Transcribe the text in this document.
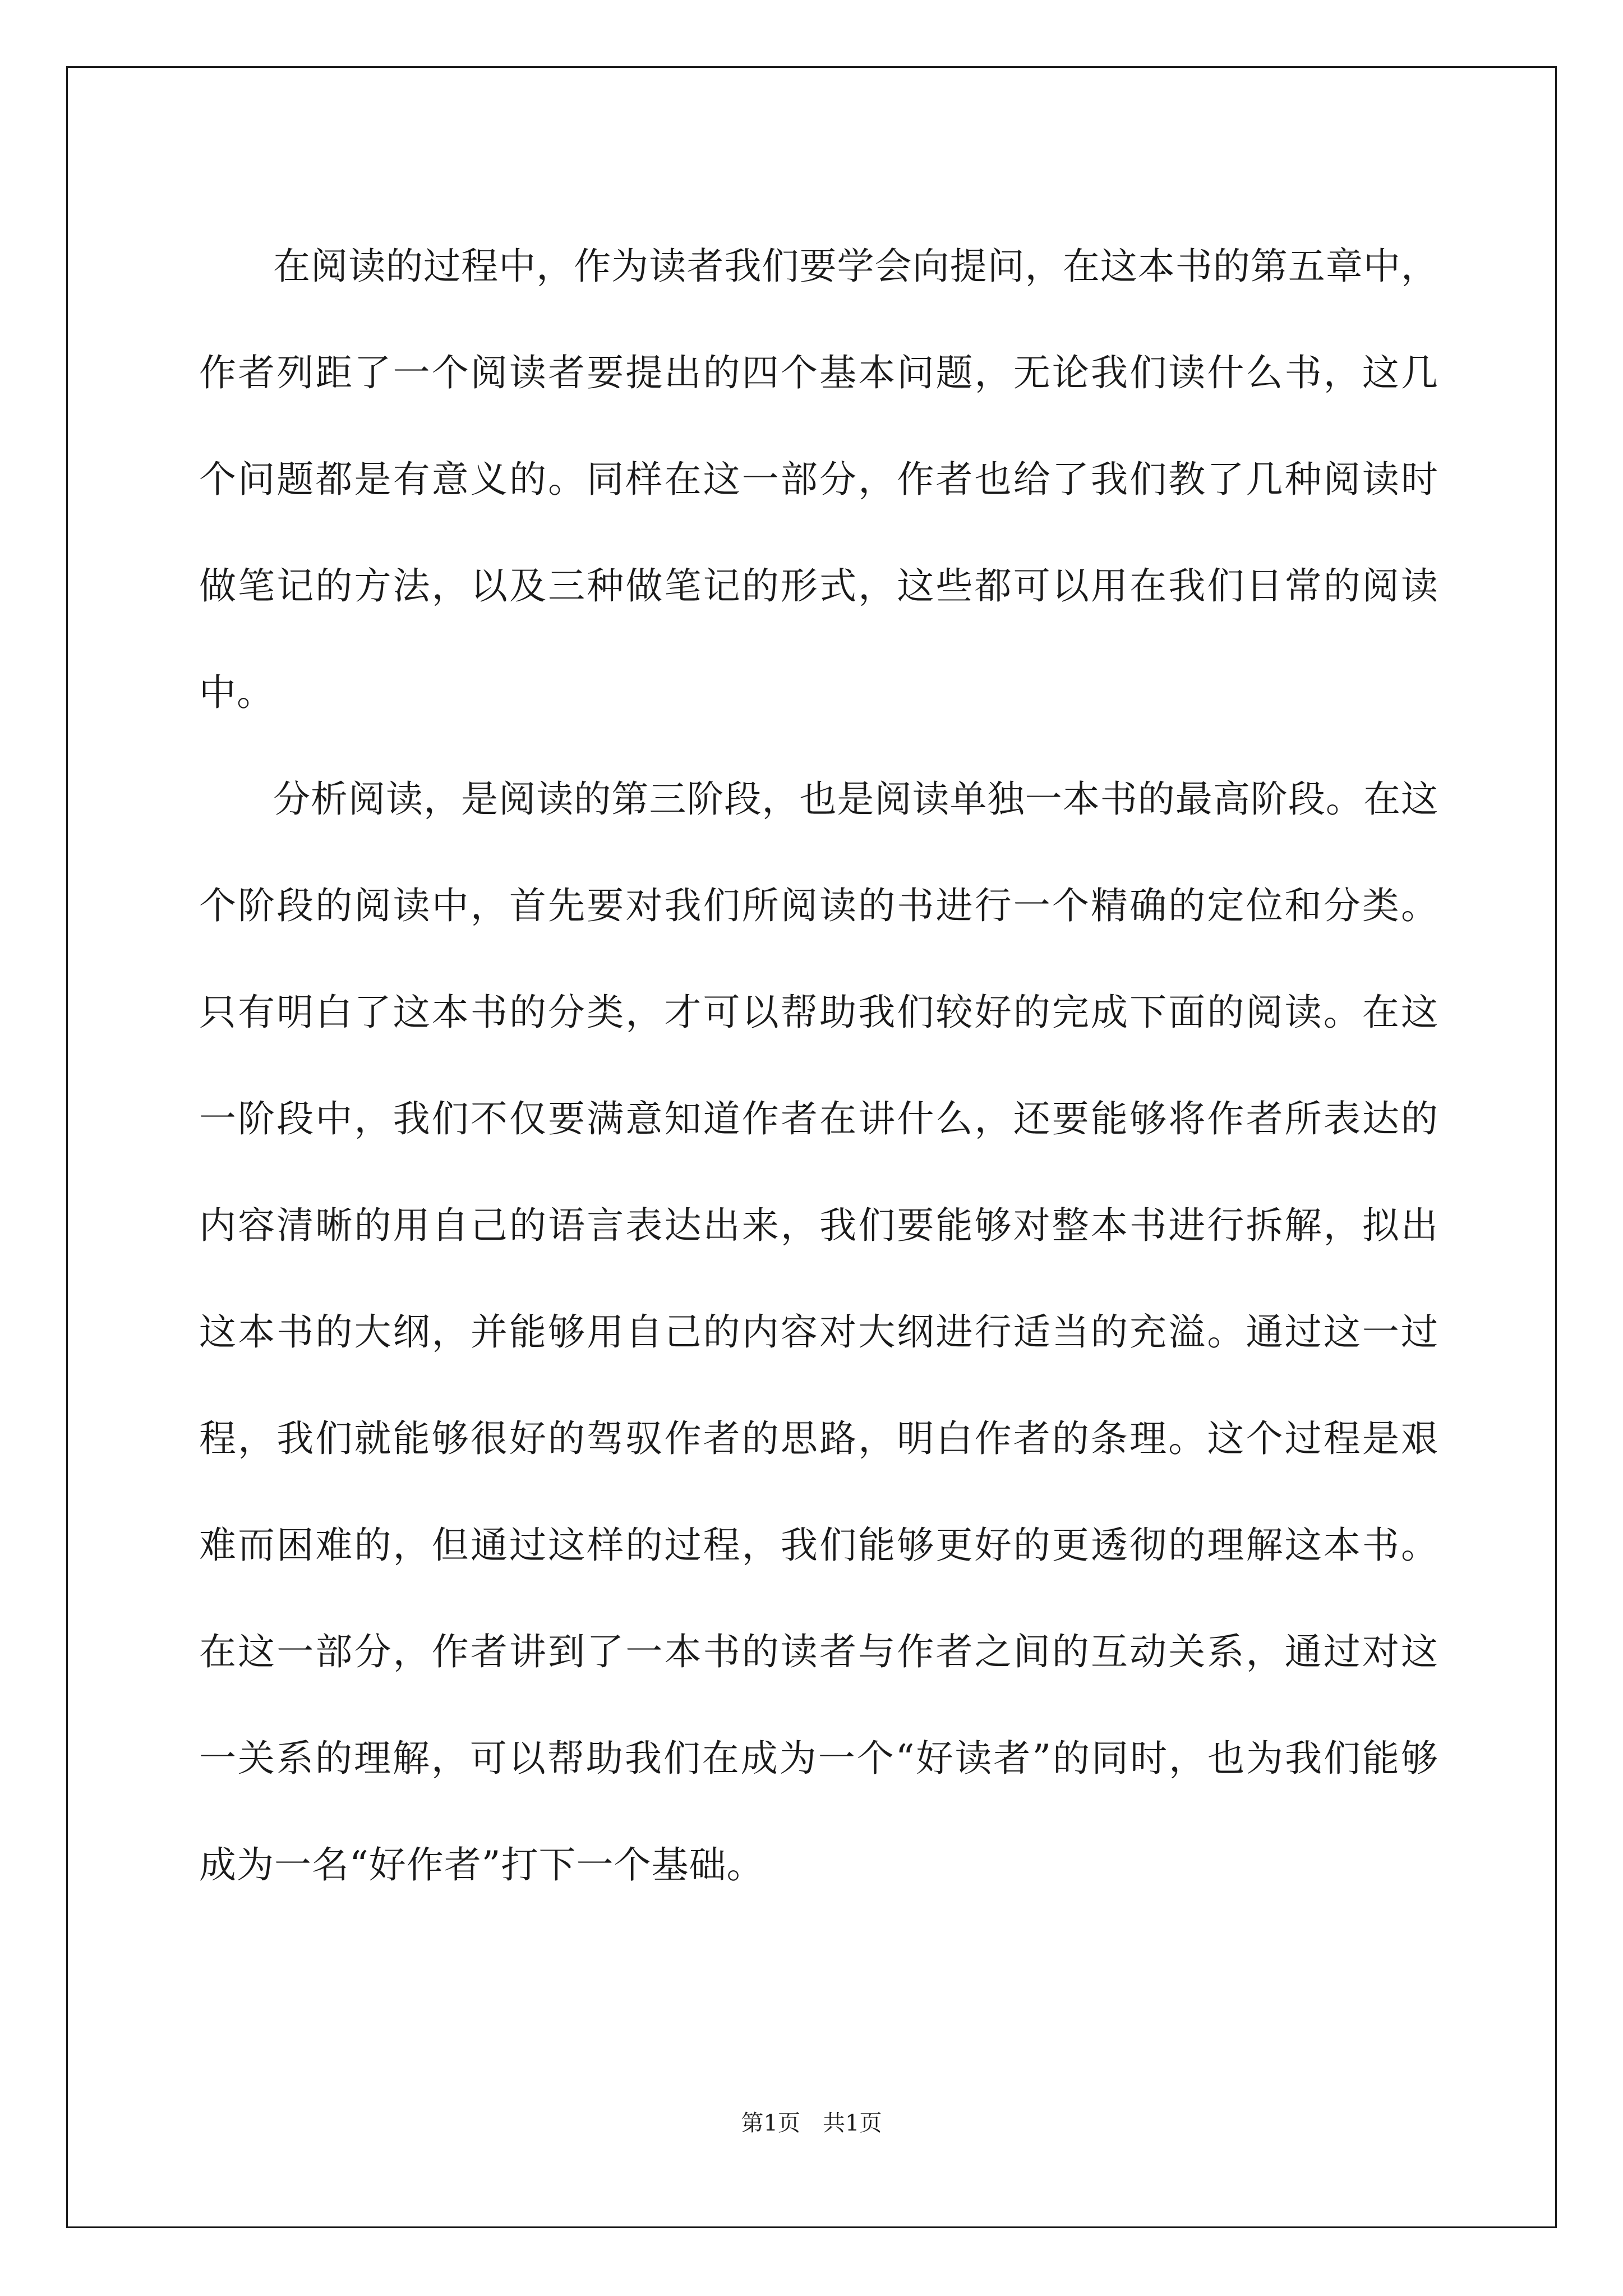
在阅读的过程中，作为读者我们要学会向提问，在这本书的第五章中，作者列距了一个阅读者要提出的四个基本问题，无论我们读什么书，这几个问题都是有意义的。同样在这一部分，作者也给了我们教了几种阅读时做笔记的方法，以及三种做笔记的形式，这些都可以用在我们日常的阅读中。

分析阅读，是阅读的第三阶段，也是阅读单独一本书的最高阶段。在这个阶段的阅读中，首先要对我们所阅读的书进行一个精确的定位和分类。只有明白了这本书的分类，才可以帮助我们较好的完成下面的阅读。在这一阶段中，我们不仅要满意知道作者在讲什么，还要能够将作者所表达的内容清晰的用自己的语言表达出来，我们要能够对整本书进行拆解，拟出这本书的大纲，并能够用自己的内容对大纲进行适当的充溢。通过这一过程，我们就能够很好的驾驭作者的思路，明白作者的条理。这个过程是艰难而困难的，但通过这样的过程，我们能够更好的更透彻的理解这本书。在这一部分，作者讲到了一本书的读者与作者之间的互动关系，通过对这一关系的理解，可以帮助我们在成为一个“好读者”的同时，也为我们能够成为一名“好作者”打下一个基础。

第1页 共1页
